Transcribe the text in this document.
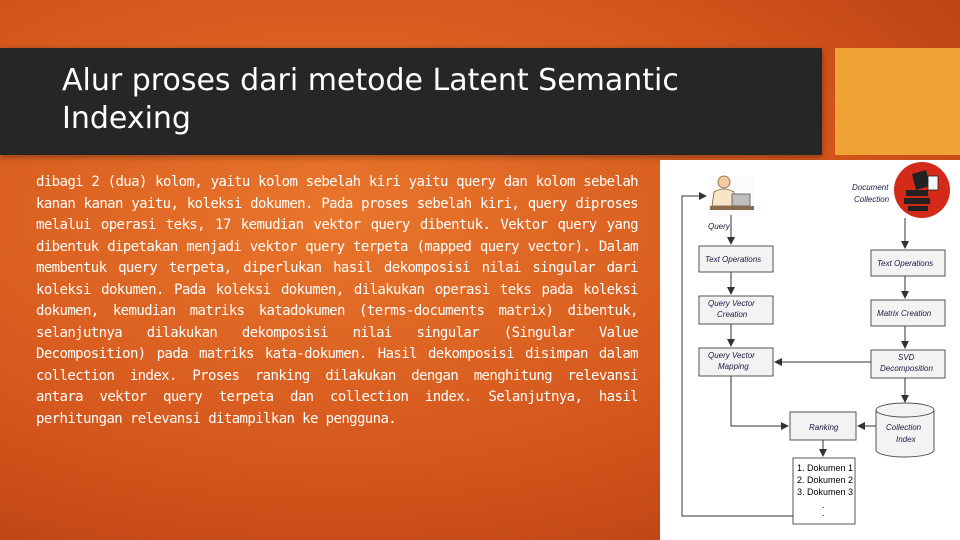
Alur proses dari metode Latent Semantic Indexing
dibagi 2 (dua) kolom, yaitu kolom sebelah kiri yaitu query dan kolom sebelah kanan kanan yaitu, koleksi dokumen. Pada proses sebelah kiri, query diproses melalui operasi teks, 17 kemudian vektor query dibentuk. Vektor query yang dibentuk dipetakan menjadi vektor query terpeta (mapped query vector). Dalam membentuk query terpeta, diperlukan hasil dekomposisi nilai singular dari koleksi dokumen. Pada koleksi dokumen, dilakukan operasi teks pada koleksi dokumen, kemudian matriks katadokumen (terms-documents matrix) dibentuk, selanjutnya dilakukan dekomposisi nilai singular (Singular Value Decomposition) pada matriks kata-dokumen. Hasil dekomposisi disimpan dalam collection index. Proses ranking dilakukan dengan menghitung relevansi antara vektor query terpeta dan collection index. Selanjutnya, hasil perhitungan relevansi ditampilkan ke pengguna.
Document
Collection
Query
Text Operations
Query Vector
Creation
Query Vector
Mapping
Text Operations
Matrix Creation
SVD
Decomposition
Collection
Index
Ranking
1. Dokumen 1
2. Dokumen 2
3. Dokumen 3
.
.
